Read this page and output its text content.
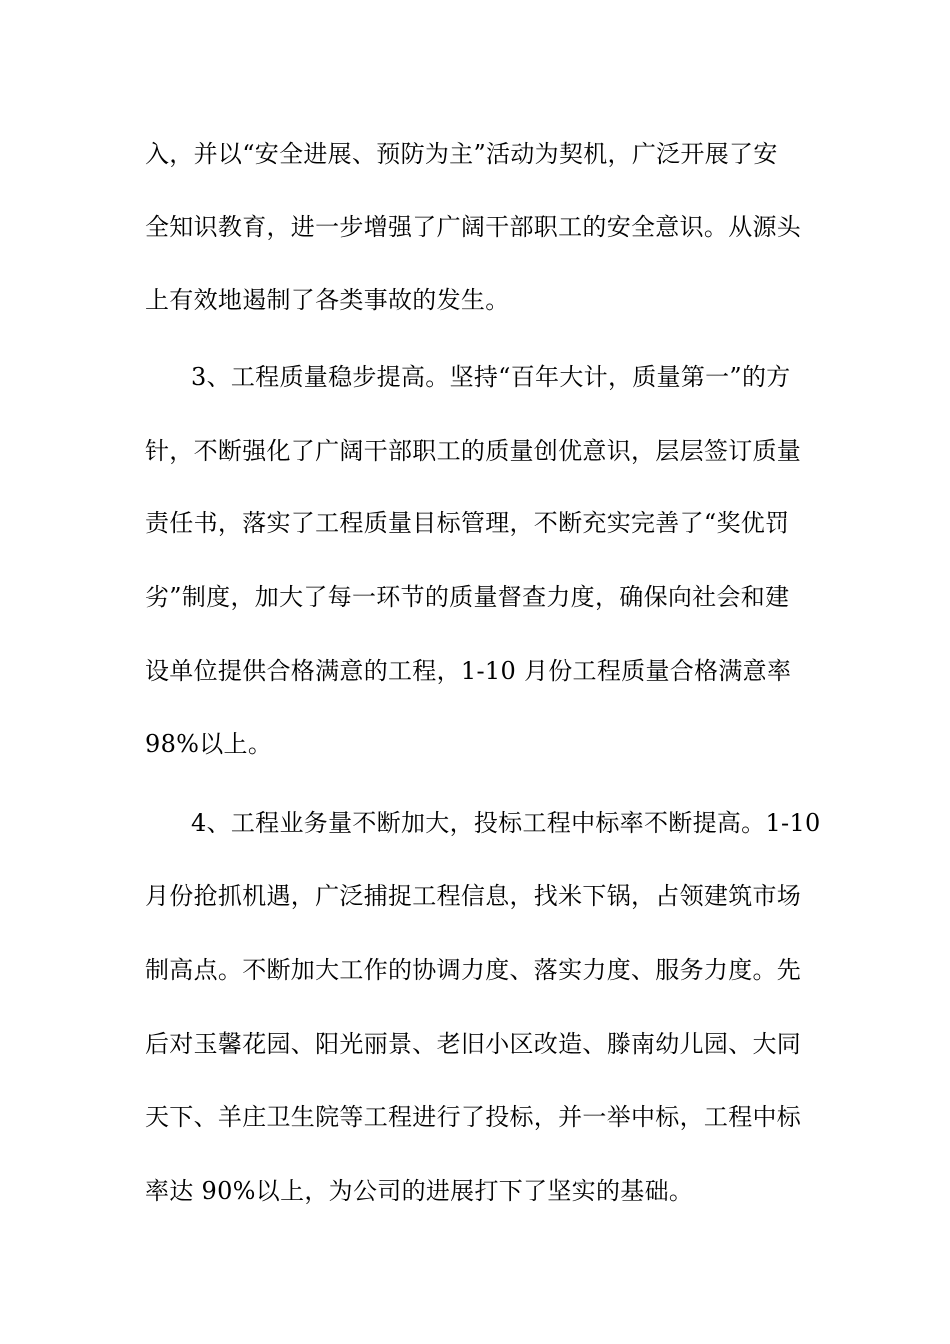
入，并以“安全进展、预防为主”活动为契机，广泛开展了安
全知识教育，进一步增强了广阔干部职工的安全意识。从源头
上有效地遏制了各类事故的发生。
3、工程质量稳步提高。坚持“百年大计，质量第一”的方
针，不断强化了广阔干部职工的质量创优意识，层层签订质量
责任书，落实了工程质量目标管理，不断充实完善了“奖优罚
劣”制度，加大了每一环节的质量督查力度，确保向社会和建
设单位提供合格满意的工程，1-10 月份工程质量合格满意率
98%以上。
4、工程业务量不断加大，投标工程中标率不断提高。1-10
月份抢抓机遇，广泛捕捉工程信息，找米下锅，占领建筑市场
制高点。不断加大工作的协调力度、落实力度、服务力度。先
后对玉馨花园、阳光丽景、老旧小区改造、滕南幼儿园、大同
天下、羊庄卫生院等工程进行了投标，并一举中标，工程中标
率达 90%以上，为公司的进展打下了坚实的基础。
